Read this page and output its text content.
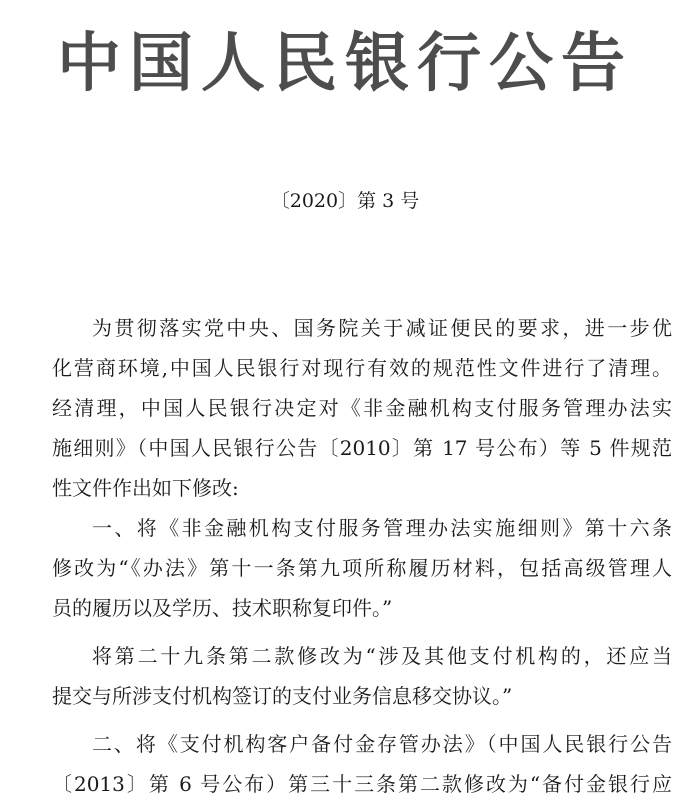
中国人民银行公告
〔2020〕第 3 号
为贯彻落实党中央、国务院关于减证便民的要求，进一步优
化营商环境,中国人民银行对现行有效的规范性文件进行了清理。
经清理，中国人民银行决定对《非金融机构支付服务管理办法实
施细则》（中国人民银行公告〔2010〕第 17 号公布）等 5 件规范
性文件作出如下修改:
一、将《非金融机构支付服务管理办法实施细则》第十六条
修改为“《办法》第十一条第九项所称履历材料，包括高级管理人
员的履历以及学历、技术职称复印件。”
将第二十九条第二款修改为“涉及其他支付机构的，还应当
提交与所涉支付机构签订的支付业务信息移交协议。”
二、将《支付机构客户备付金存管办法》（中国人民银行公告
〔2013〕第 6 号公布）第三十三条第二款修改为“备付金银行应
